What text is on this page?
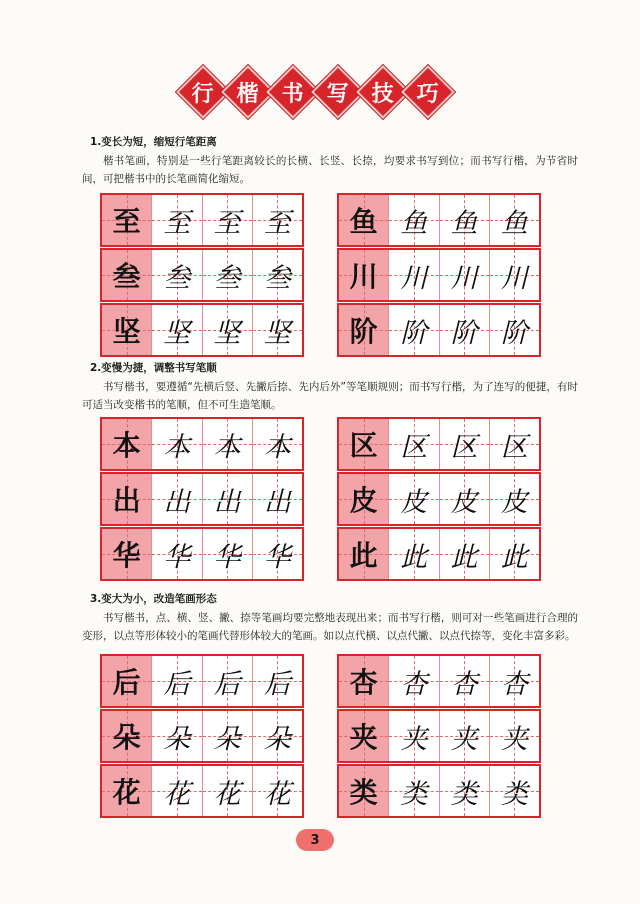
行 楷 书 写 技 巧
1.变长为短，缩短行笔距离
楷书笔画，特别是一些行笔距离较长的长横、长竖、长捺，均要求书写到位；而书写行楷，为节省时间，可把楷书中的长笔画简化缩短。
2.变慢为捷，调整书写笔顺
书写楷书，要遵循“先横后竖、先撇后捺、先内后外”等笔顺规则；而书写行楷，为了连写的便捷，有时可适当改变楷书的笔顺，但不可生造笔顺。
3.变大为小，改造笔画形态
书写楷书，点、横、竖、撇、捺等笔画均要完整地表现出来；而书写行楷，则可对一些笔画进行合理的变形，以点等形体较小的笔画代替形体较大的笔画。如以点代横、以点代撇、以点代捺等，变化丰富多彩。
至 至 至 至 鱼 鱼 鱼 鱼
叁 叁 叁 叁 川 川 川 川
坚 坚 坚 坚 阶 阶 阶 阶
本 本 本 本 区 区 区 区
出 出 出 出 皮 皮 皮 皮
华 华 华 华 此 此 此 此
后 后 后 后 杏 杏 杏 杏
朵 朵 朵 朵 夹 夹 夹 夹
花 花 花 花 类 类 类 类
3
